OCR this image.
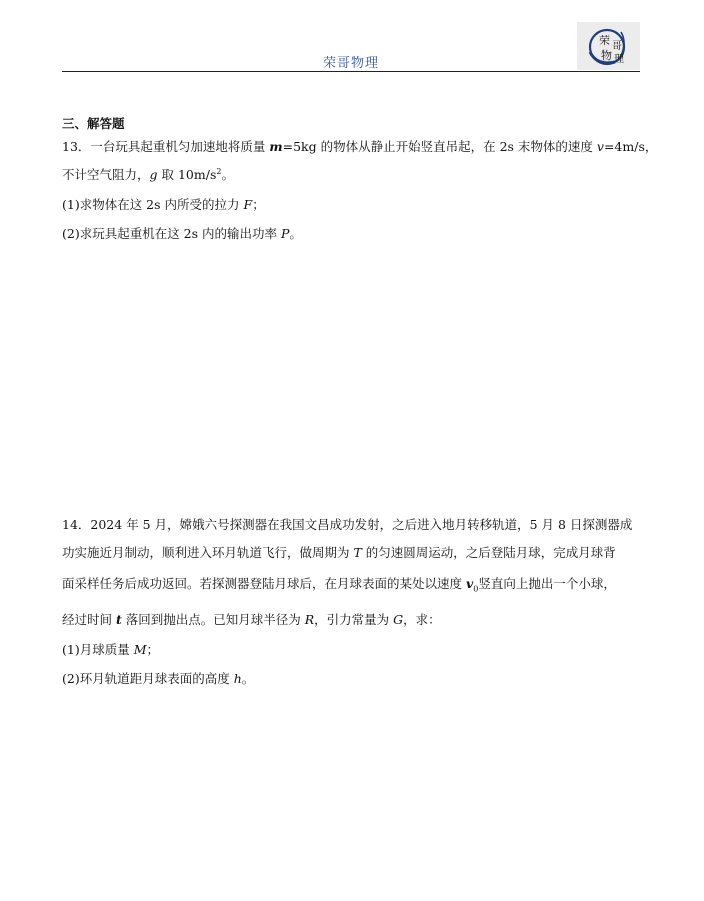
荣哥物理
荣 哥
物 理
三、解答题
13．一台玩具起重机匀加速地将质量 m=5kg 的物体从静止开始竖直吊起，在 2s 末物体的速度 v=4m/s，
不计空气阻力，g 取 $10m/s^2$。
(1)求物体在这 2s 内所受的拉力 F；
(2)求玩具起重机在这 2s 内的输出功率 P。
14．2024 年 5 月，嫦娥六号探测器在我国文昌成功发射，之后进入地月转移轨道，5 月 8 日探测器成
功实施近月制动，顺利进入环月轨道飞行，做周期为 T 的匀速圆周运动，之后登陆月球，完成月球背
面采样任务后成功返回。若探测器登陆月球后，在月球表面的某处以速度 $v_0$竖直向上抛出一个小球，
经过时间 t 落回到抛出点。已知月球半径为 R，引力常量为 G，求：
(1)月球质量 M；
(2)环月轨道距月球表面的高度 h。
